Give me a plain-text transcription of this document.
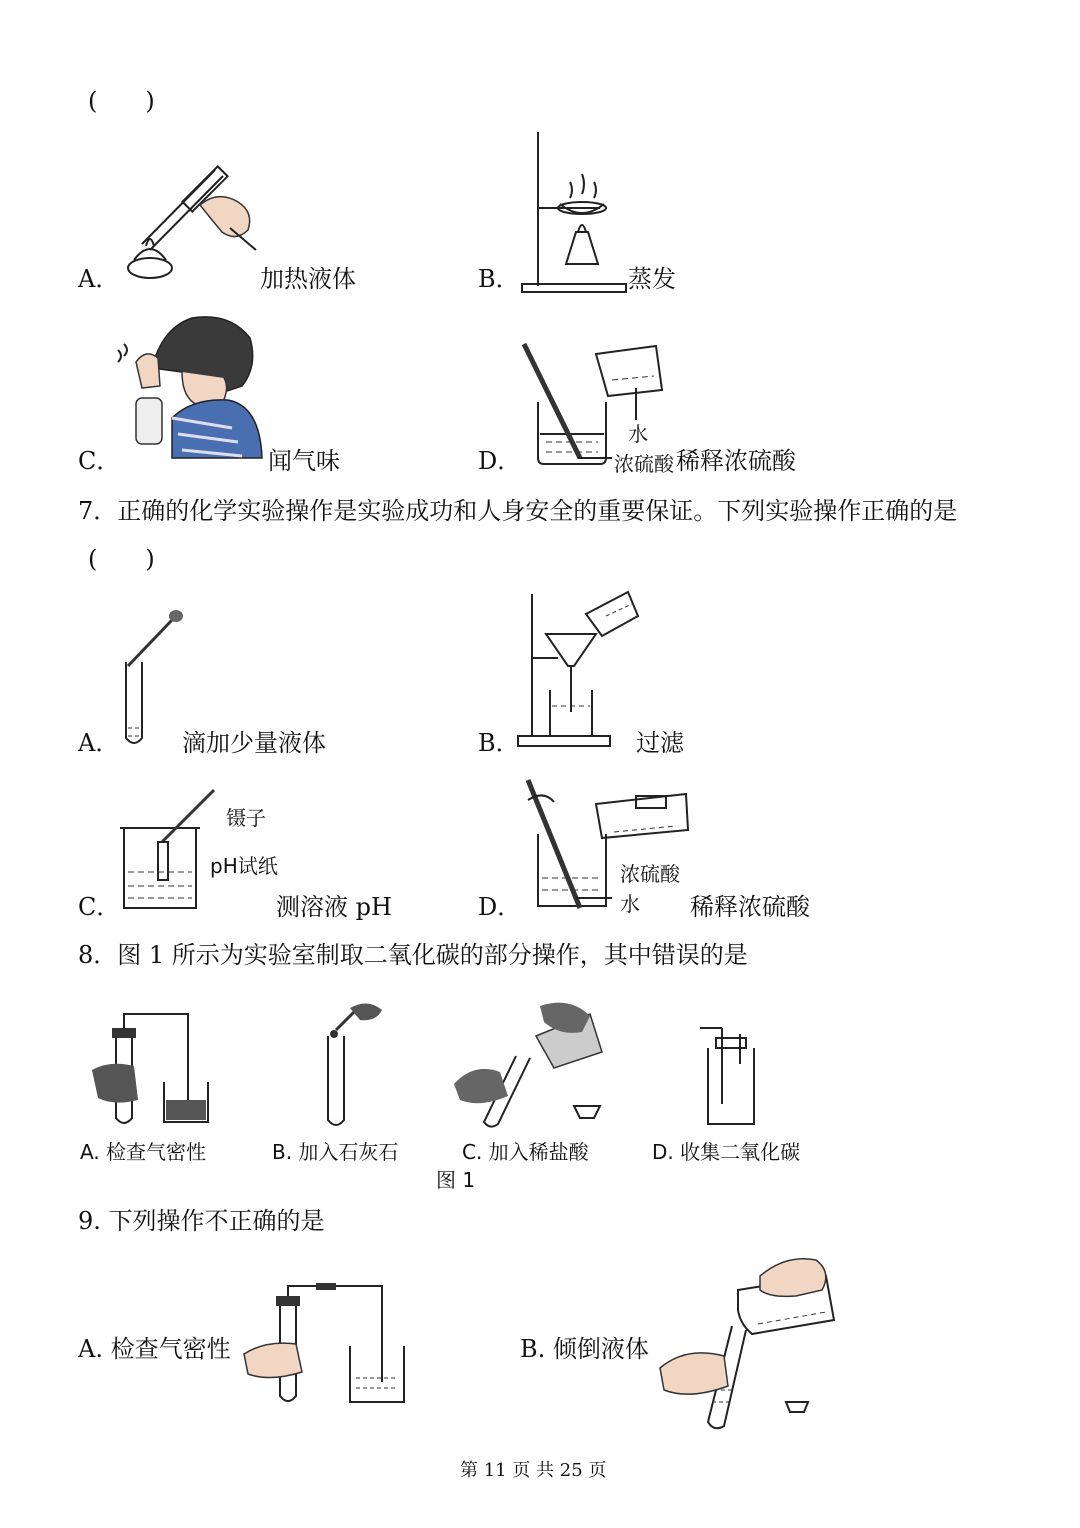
(　　)
A．	加热液体	B．	蒸发
C．	闻气味
水
浓硫酸
D．	稀释浓硫酸
7．正确的化学实验操作是实验成功和人身安全的重要保证。下列实验操作正确的是
(　　)
A．	滴加少量液体	B．	过滤
镊子
pH试纸
C．	测溶液 pH
浓硫酸
水
D．	稀释浓硫酸
8．图 1 所示为实验室制取二氧化碳的部分操作，其中错误的是
A. 检查气密性	B. 加入石灰石	C. 加入稀盐酸	D. 收集二氧化碳
图 1
9. 下列操作不正确的是
A. 检查气密性	B. 倾倒液体
第 11 页 共 25 页
